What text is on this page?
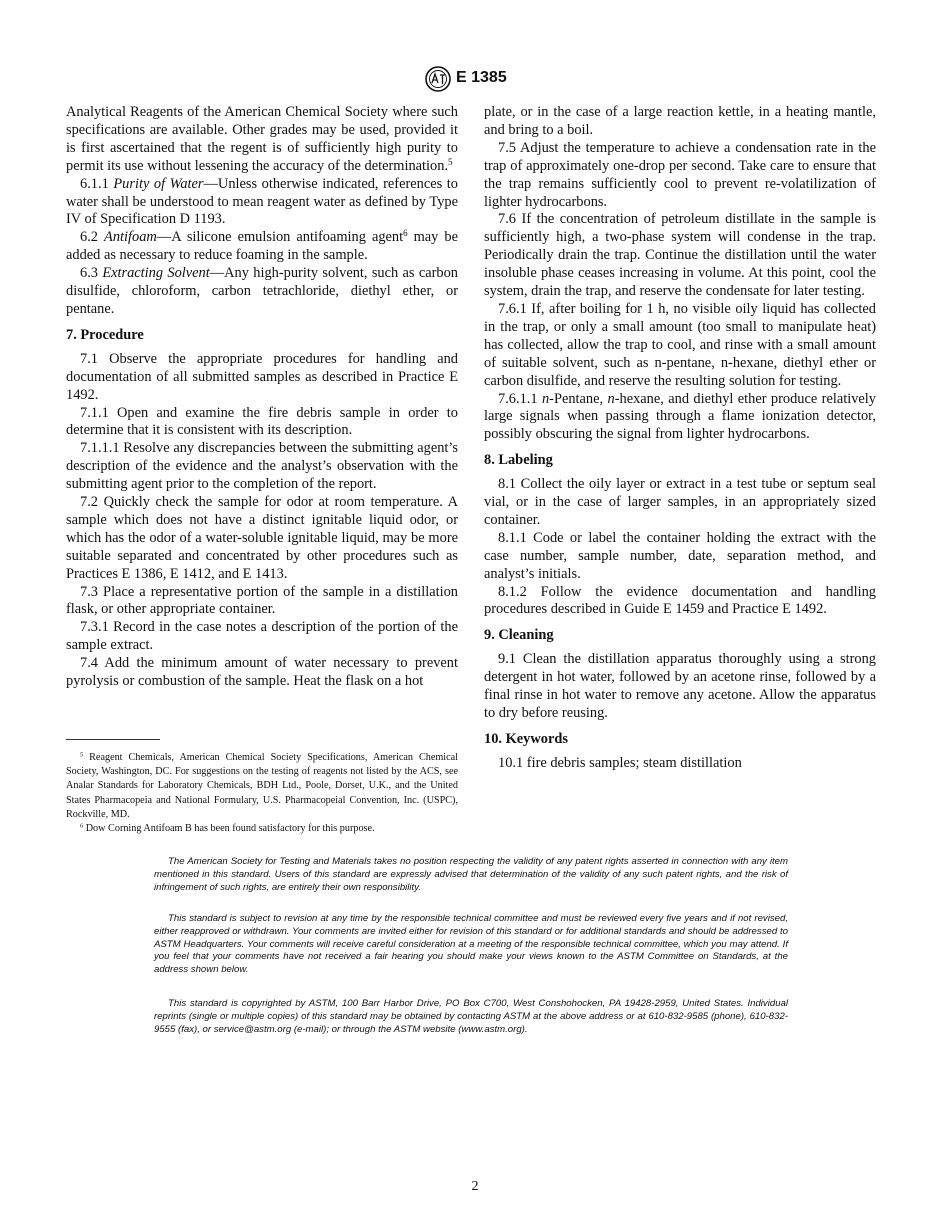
E 1385

Analytical Reagents of the American Chemical Society where such specifications are available. Other grades may be used, provided it is first ascertained that the regent is of sufficiently high purity to permit its use without lessening the accuracy of the determination.$^5$

6.1.1 Purity of Water—Unless otherwise indicated, references to water shall be understood to mean reagent water as defined by Type IV of Specification D 1193.

6.2 Antifoam—A silicone emulsion antifoaming agent$^6$ may be added as necessary to reduce foaming in the sample.

6.3 Extracting Solvent—Any high-purity solvent, such as carbon disulfide, chloroform, carbon tetrachloride, diethyl ether, or pentane.

7. Procedure

7.1 Observe the appropriate procedures for handling and documentation of all submitted samples as described in Practice E 1492.

7.1.1 Open and examine the fire debris sample in order to determine that it is consistent with its description.

7.1.1.1 Resolve any discrepancies between the submitting agent’s description of the evidence and the analyst’s observation with the submitting agent prior to the completion of the report.

7.2 Quickly check the sample for odor at room temperature. A sample which does not have a distinct ignitable liquid odor, or which has the odor of a water-soluble ignitable liquid, may be more suitable separated and concentrated by other procedures such as Practices E 1386, E 1412, and E 1413.

7.3 Place a representative portion of the sample in a distillation flask, or other appropriate container.

7.3.1 Record in the case notes a description of the portion of the sample extract.

7.4 Add the minimum amount of water necessary to prevent pyrolysis or combustion of the sample. Heat the flask on a hot

plate, or in the case of a large reaction kettle, in a heating mantle, and bring to a boil.

7.5 Adjust the temperature to achieve a condensation rate in the trap of approximately one-drop per second. Take care to ensure that the trap remains sufficiently cool to prevent re-volatilization of lighter hydrocarbons.

7.6 If the concentration of petroleum distillate in the sample is sufficiently high, a two-phase system will condense in the trap. Periodically drain the trap. Continue the distillation until the water insoluble phase ceases increasing in volume. At this point, cool the system, drain the trap, and reserve the condensate for later testing.

7.6.1 If, after boiling for 1 h, no visible oily liquid has collected in the trap, or only a small amount (too small to manipulate heat) has collected, allow the trap to cool, and rinse with a small amount of suitable solvent, such as n-pentane, n-hexane, diethyl ether or carbon disulfide, and reserve the resulting solution for testing.

7.6.1.1 n-Pentane, n-hexane, and diethyl ether produce relatively large signals when passing through a flame ionization detector, possibly obscuring the signal from lighter hydrocarbons.

8. Labeling

8.1 Collect the oily layer or extract in a test tube or septum seal vial, or in the case of larger samples, in an appropriately sized container.

8.1.1 Code or label the container holding the extract with the case number, sample number, date, separation method, and analyst’s initials.

8.1.2 Follow the evidence documentation and handling procedures described in Guide E 1459 and Practice E 1492.

9. Cleaning

9.1 Clean the distillation apparatus thoroughly using a strong detergent in hot water, followed by an acetone rinse, followed by a final rinse in hot water to remove any acetone. Allow the apparatus to dry before reusing.

10. Keywords

10.1 fire debris samples; steam distillation

$^5$ Reagent Chemicals, American Chemical Society Specifications, American Chemical Society, Washington, DC. For suggestions on the testing of reagents not listed by the ACS, see Analar Standards for Laboratory Chemicals, BDH Ltd., Poole, Dorset, U.K., and the United States Pharmacopeia and National Formulary, U.S. Pharmacopeial Convention, Inc. (USPC), Rockville, MD.

$^6$ Dow Corning Antifoam B has been found satisfactory for this purpose.

The American Society for Testing and Materials takes no position respecting the validity of any patent rights asserted in connection with any item mentioned in this standard. Users of this standard are expressly advised that determination of the validity of any such patent rights, and the risk of infringement of such rights, are entirely their own responsibility.

This standard is subject to revision at any time by the responsible technical committee and must be reviewed every five years and if not revised, either reapproved or withdrawn. Your comments are invited either for revision of this standard or for additional standards and should be addressed to ASTM Headquarters. Your comments will receive careful consideration at a meeting of the responsible technical committee, which you may attend. If you feel that your comments have not received a fair hearing you should make your views known to the ASTM Committee on Standards, at the address shown below.

This standard is copyrighted by ASTM, 100 Barr Harbor Drive, PO Box C700, West Conshohocken, PA 19428-2959, United States. Individual reprints (single or multiple copies) of this standard may be obtained by contacting ASTM at the above address or at 610-832-9585 (phone), 610-832-9555 (fax), or service@astm.org (e-mail); or through the ASTM website (www.astm.org).

2
